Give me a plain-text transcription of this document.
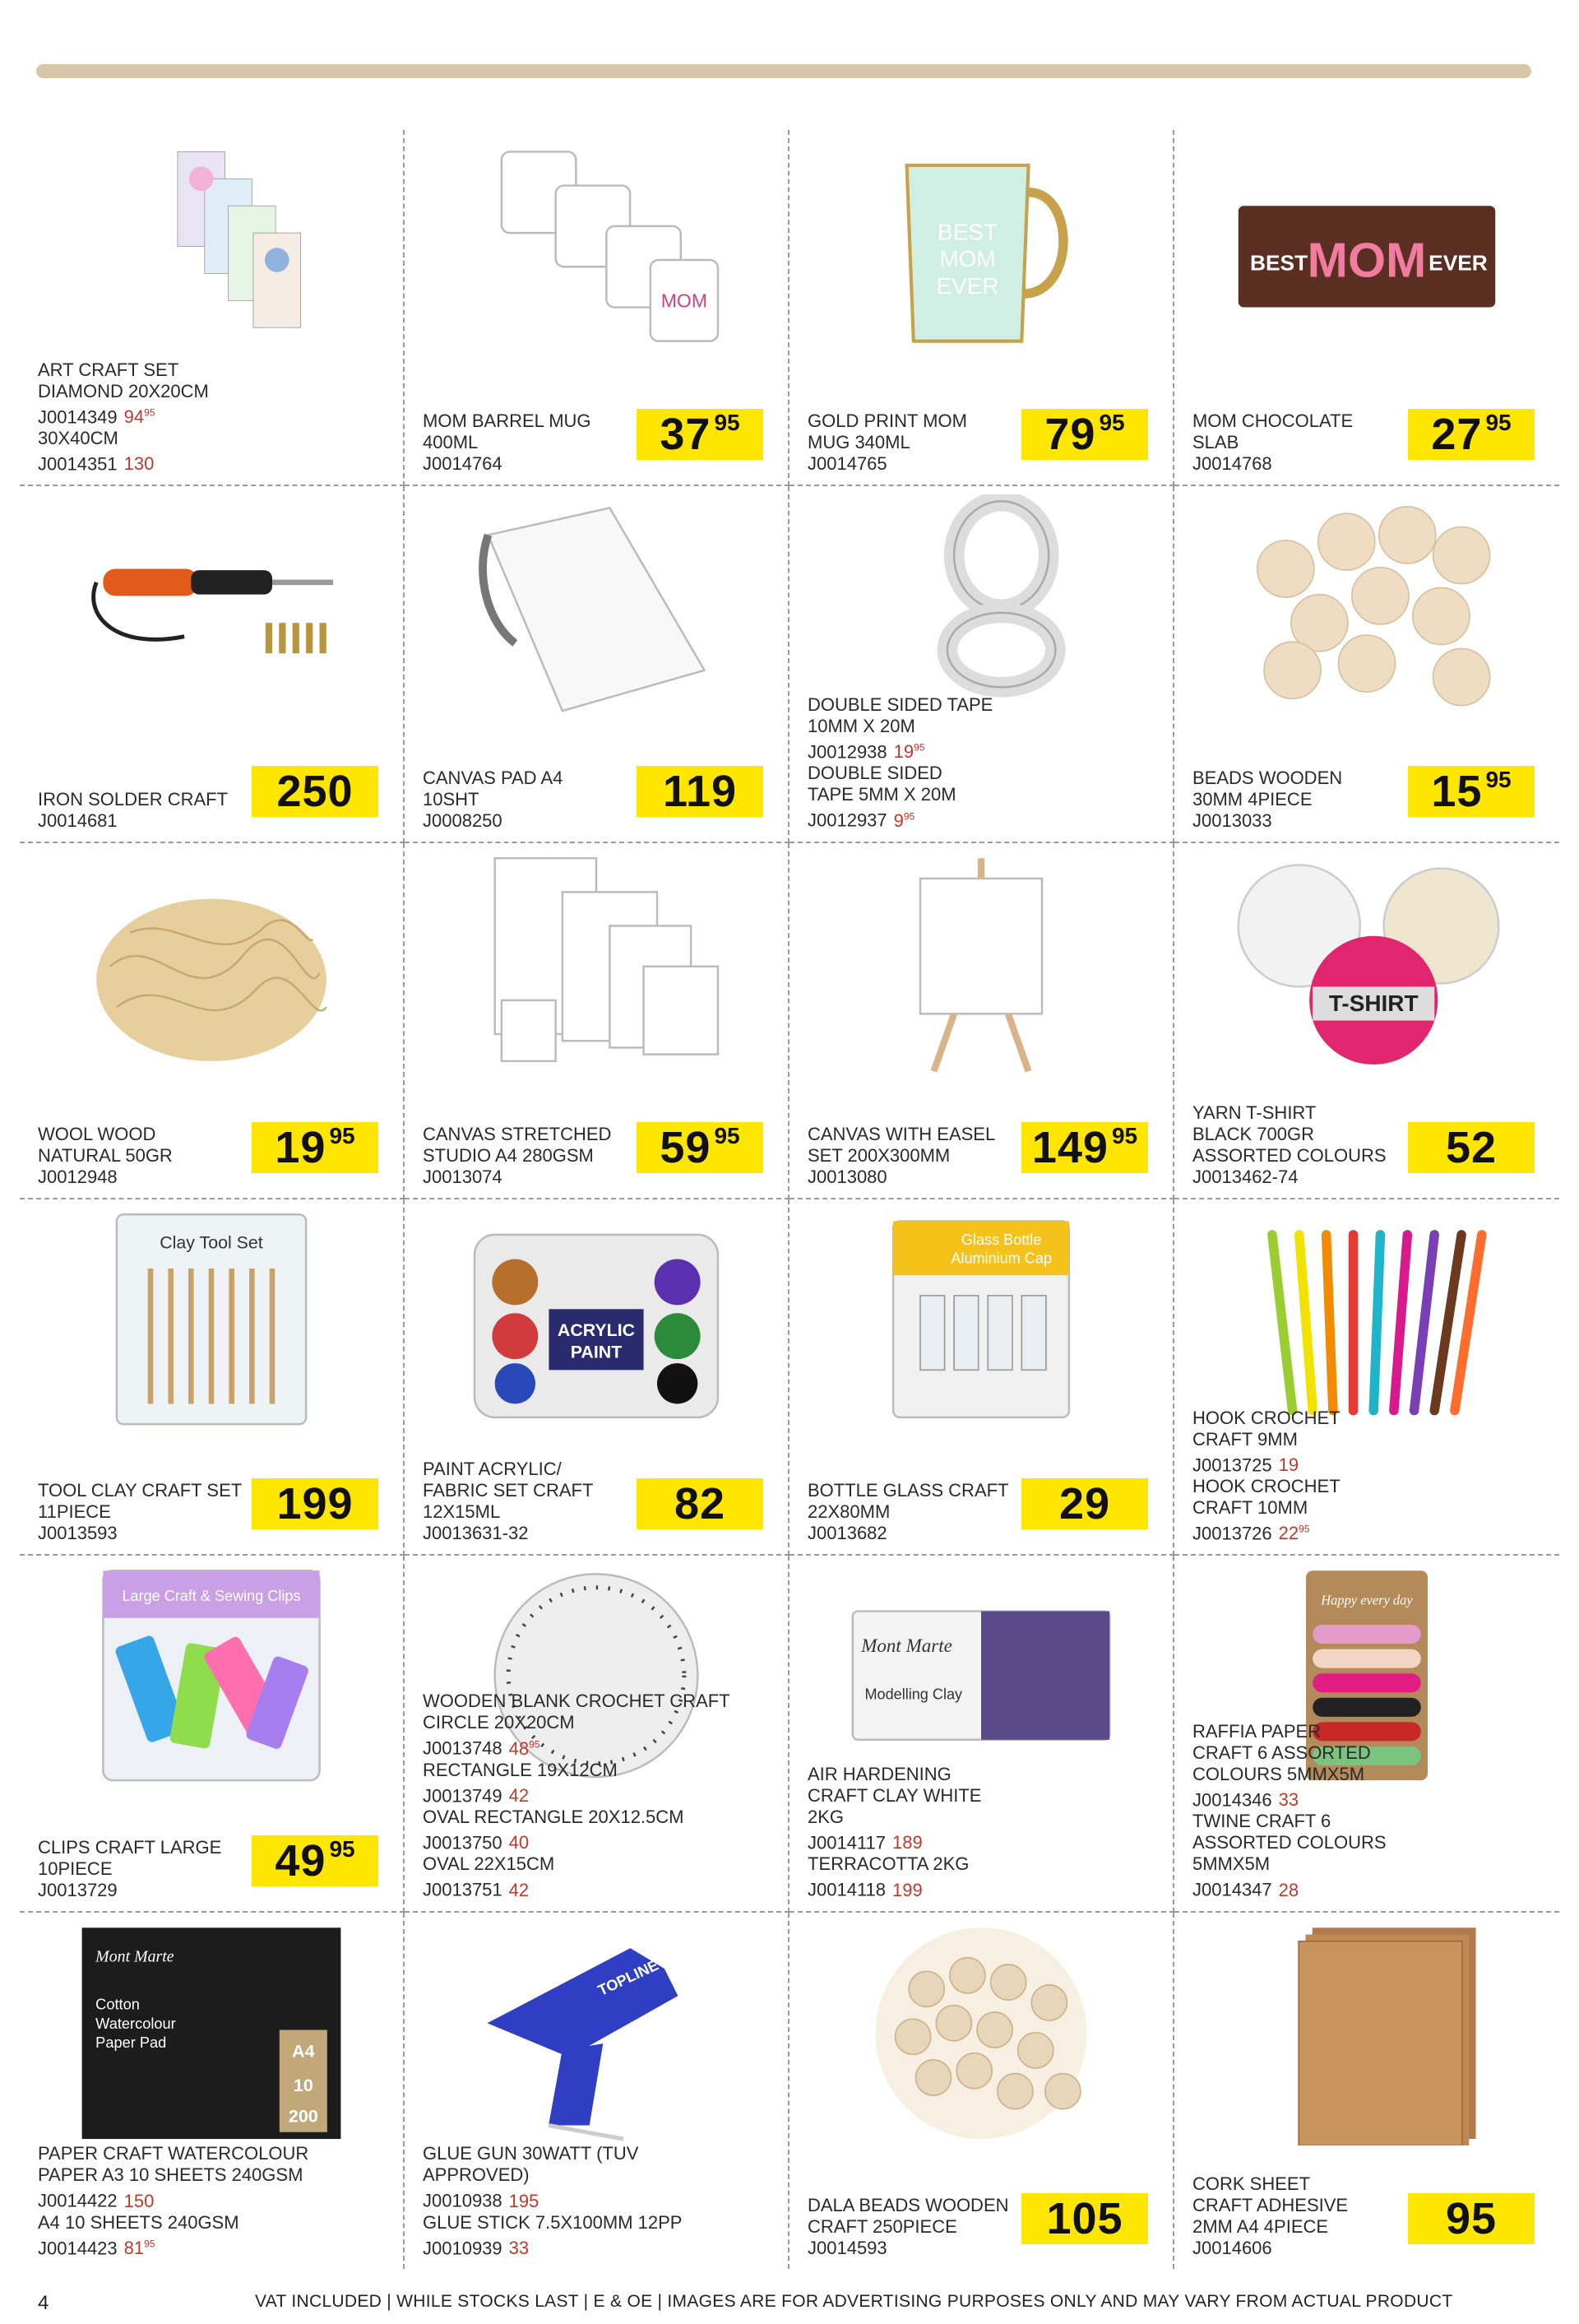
ART CRAFT SET
DIAMOND 20X20CM
J0014349 $94^{95}$
30X40CM
J0014351 130
MOM
MOM BARREL MUG
400ML
J0014764
37 95
BEST
MOM
EVER
GOLD PRINT MOM
MUG 340ML
J0014765
79 95
BEST MOM EVER
MOM CHOCOLATE
SLAB
J0014768
27 95
IRON SOLDER CRAFT
J0014681
250	CANVAS PAD A4
10SHT
J0008250
119
DOUBLE SIDED TAPE
10MM X 20M
J0012938 $19^{95}$
DOUBLE SIDED
TAPE 5MM X 20M
J0012937 $9^{95}$
BEADS WOODEN
30MM 4PIECE
J0013033
15 95
WOOL WOOD
NATURAL 50GR
J0012948
19 95	CANVAS STRETCHED
STUDIO A4 280GSM
J0013074
59 95	CANVAS WITH EASEL
SET 200X300MM
J0013080
149 95
T-SHIRT
YARN T-SHIRT
BLACK 700GR
ASSORTED COLOURS
J0013462-74
52
Clay Tool Set
TOOL CLAY CRAFT SET
11PIECE
J0013593
199
ACRYLIC
PAINT
PAINT ACRYLIC/
FABRIC SET CRAFT
12X15ML
J0013631-32
82
Glass Bottle
Aluminium Cap
BOTTLE GLASS CRAFT
22X80MM
J0013682
29
HOOK CROCHET
CRAFT 9MM
J0013725 19
HOOK CROCHET
CRAFT 10MM
J0013726 $22^{95}$
Large Craft & Sewing Clips
CLIPS CRAFT LARGE
10PIECE
J0013729
49 95
WOODEN BLANK CROCHET CRAFT
CIRCLE 20X20CM
J0013748 $48^{95}$
RECTANGLE 19X12CM
J0013749 42
OVAL RECTANGLE 20X12.5CM
J0013750 40
OVAL 22X15CM
J0013751 42
Mont Marte
Modelling Clay
AIR HARDENING
CRAFT CLAY WHITE
2KG
J0014117 189
TERRACOTTA 2KG
J0014118 199
Happy every day
RAFFIA PAPER
CRAFT 6 ASSORTED
COLOURS 5MMX5M
J0014346 33
TWINE CRAFT 6
ASSORTED COLOURS
5MMX5M
J0014347 28
Mont Marte
Cotton
Watercolour
Paper Pad	A4
10
200
PAPER CRAFT WATERCOLOUR
PAPER A3 10 SHEETS 240GSM
J0014422 150
A4 10 SHEETS 240GSM
J0014423 $81^{95}$
TOPLINE
GLUE GUN 30WATT (TUV
APPROVED)
J0010938 195
GLUE STICK 7.5X100MM 12PP
J0010939 33
DALA BEADS WOODEN
CRAFT 250PIECE
J0014593
105
CORK SHEET
CRAFT ADHESIVE
2MM A4 4PIECE
J0014606
95
4	VAT INCLUDED | WHILE STOCKS LAST | E & OE | IMAGES ARE FOR ADVERTISING PURPOSES ONLY AND MAY VARY FROM ACTUAL PRODUCT
